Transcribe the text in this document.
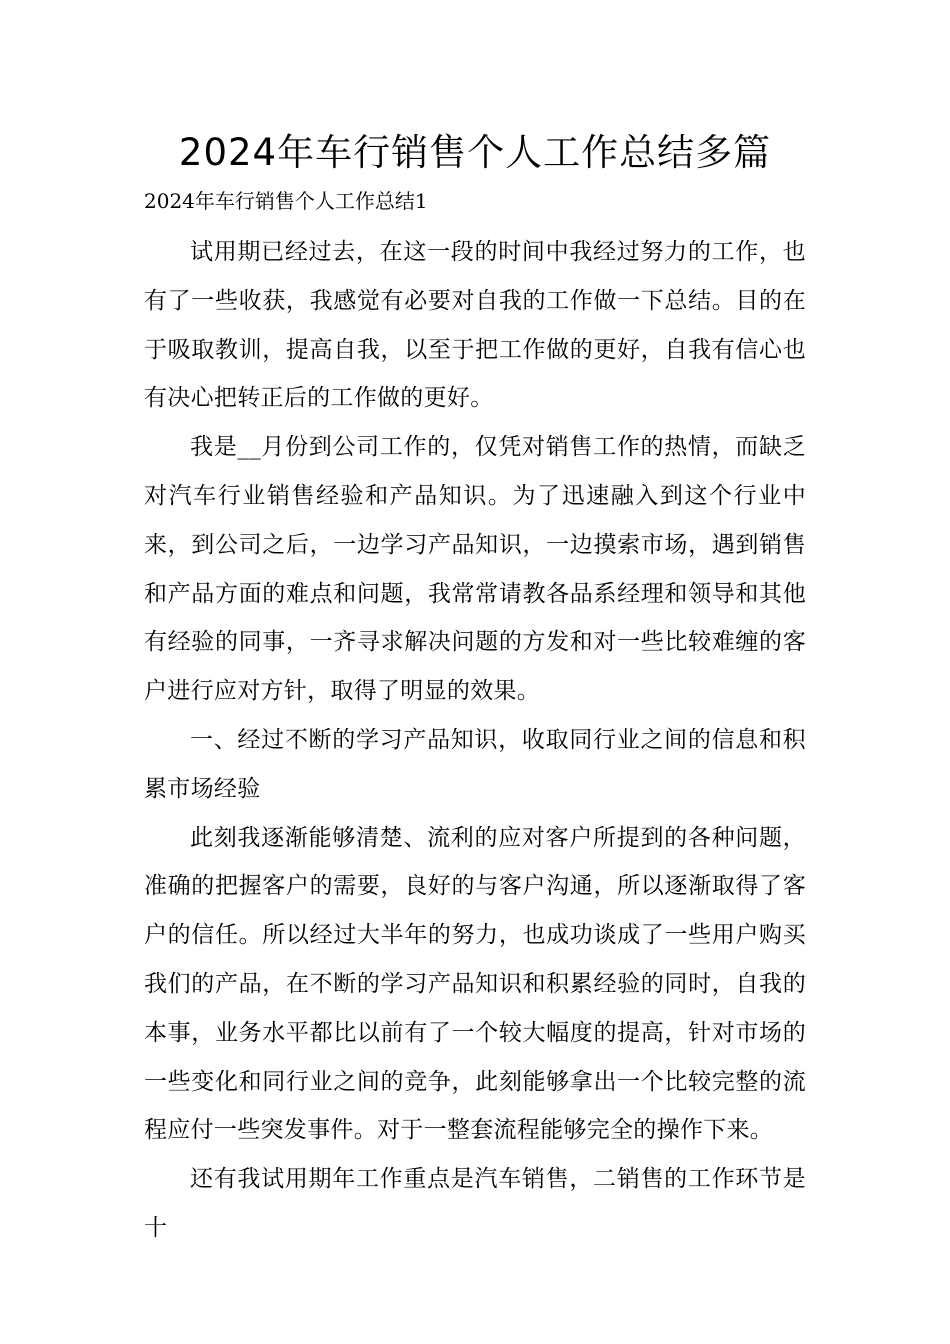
2024年车行销售个人工作总结多篇

2024年车行销售个人工作总结1

试用期已经过去，在这一段的时间中我经过努力的工作，也有了一些收获，我感觉有必要对自我的工作做一下总结。目的在于吸取教训，提高自我，以至于把工作做的更好，自我有信心也有决心把转正后的工作做的更好。

我是__月份到公司工作的，仅凭对销售工作的热情，而缺乏对汽车行业销售经验和产品知识。为了迅速融入到这个行业中来，到公司之后，一边学习产品知识，一边摸索市场，遇到销售和产品方面的难点和问题，我常常请教各品系经理和领导和其他有经验的同事，一齐寻求解决问题的方发和对一些比较难缠的客户进行应对方针，取得了明显的效果。

一、经过不断的学习产品知识，收取同行业之间的信息和积累市场经验

此刻我逐渐能够清楚、流利的应对客户所提到的各种问题，准确的把握客户的需要，良好的与客户沟通，所以逐渐取得了客户的信任。所以经过大半年的努力，也成功谈成了一些用户购买我们的产品，在不断的学习产品知识和积累经验的同时，自我的本事，业务水平都比以前有了一个较大幅度的提高，针对市场的一些变化和同行业之间的竞争，此刻能够拿出一个比较完整的流程应付一些突发事件。对于一整套流程能够完全的操作下来。

还有我试用期年工作重点是汽车销售，二销售的工作环节是十
